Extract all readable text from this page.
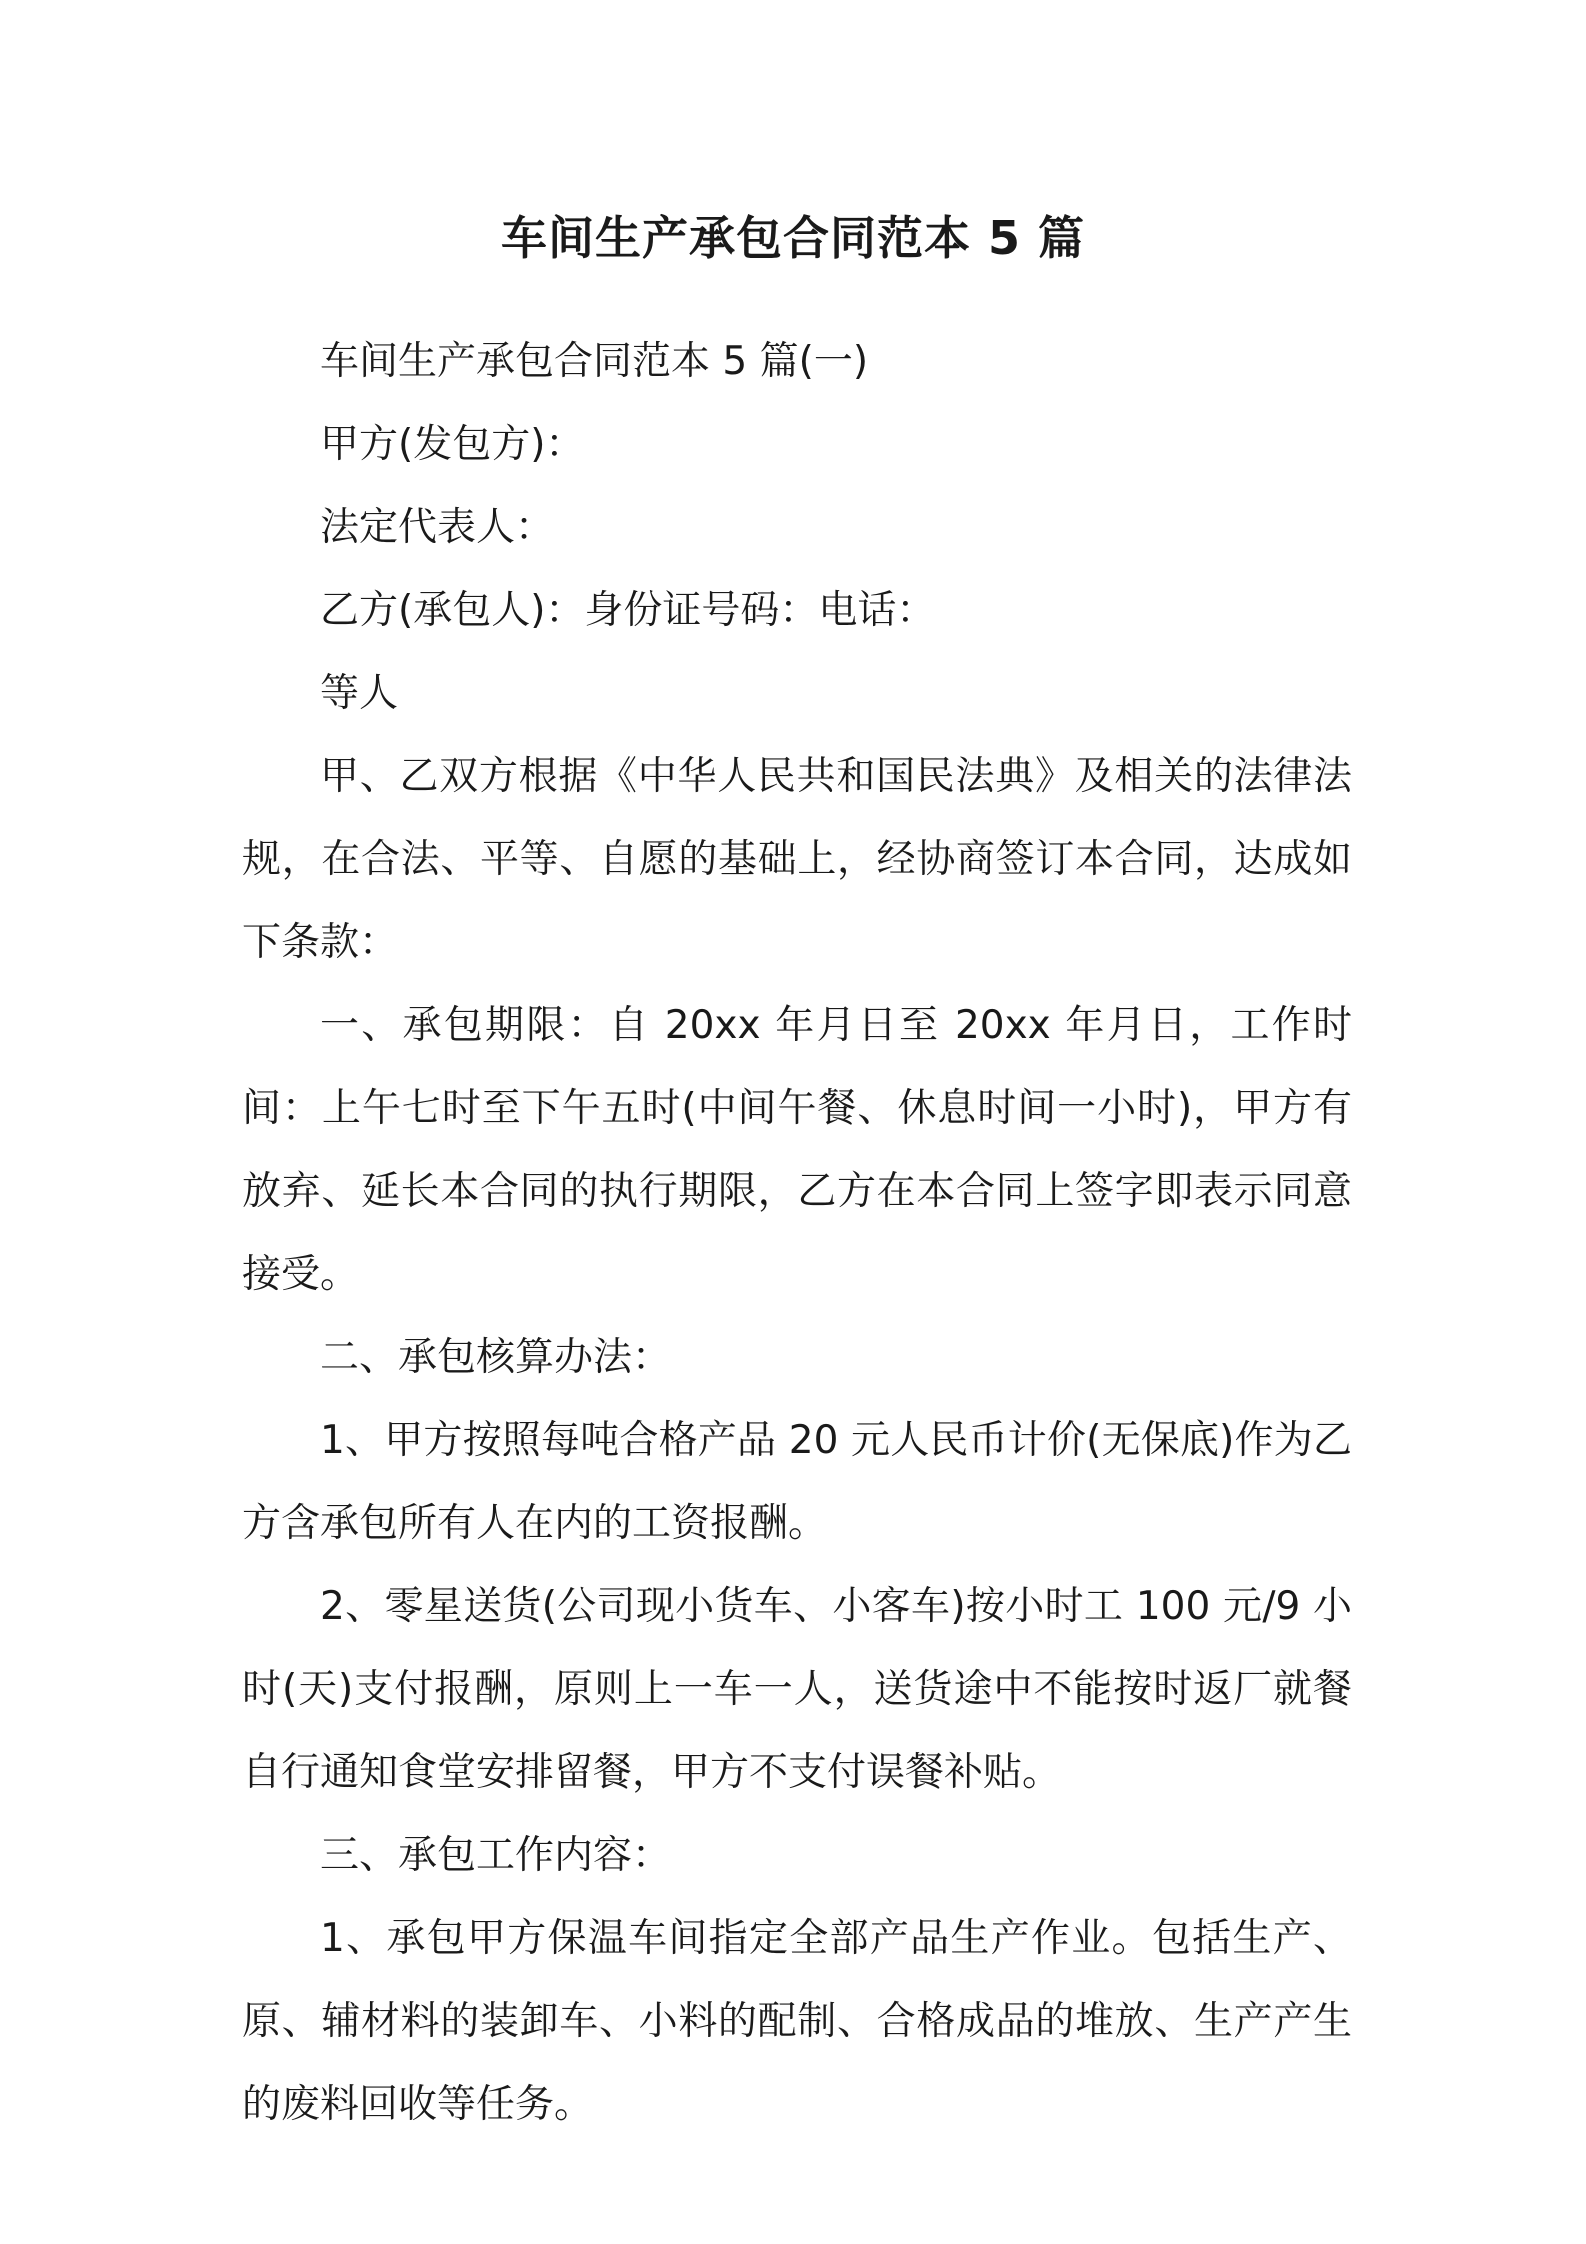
车间生产承包合同范本 5 篇

车间生产承包合同范本 5 篇(一)

甲方(发包方)：

法定代表人：

乙方(承包人)：身份证号码：电话：

等人

甲、乙双方根据《中华人民共和国民法典》及相关的法律法规，在合法、平等、自愿的基础上，经协商签订本合同，达成如下条款：

一、承包期限：自 20xx 年月日至 20xx 年月日，工作时间：上午七时至下午五时(中间午餐、休息时间一小时)，甲方有放弃、延长本合同的执行期限，乙方在本合同上签字即表示同意接受。

二、承包核算办法：

1、甲方按照每吨合格产品 20 元人民币计价(无保底)作为乙方含承包所有人在内的工资报酬。

2、零星送货(公司现小货车、小客车)按小时工 100 元/9 小时(天)支付报酬，原则上一车一人，送货途中不能按时返厂就餐自行通知食堂安排留餐，甲方不支付误餐补贴。

三、承包工作内容：

1、承包甲方保温车间指定全部产品生产作业。包括生产、原、辅材料的装卸车、小料的配制、合格成品的堆放、生产产生的废料回收等任务。
